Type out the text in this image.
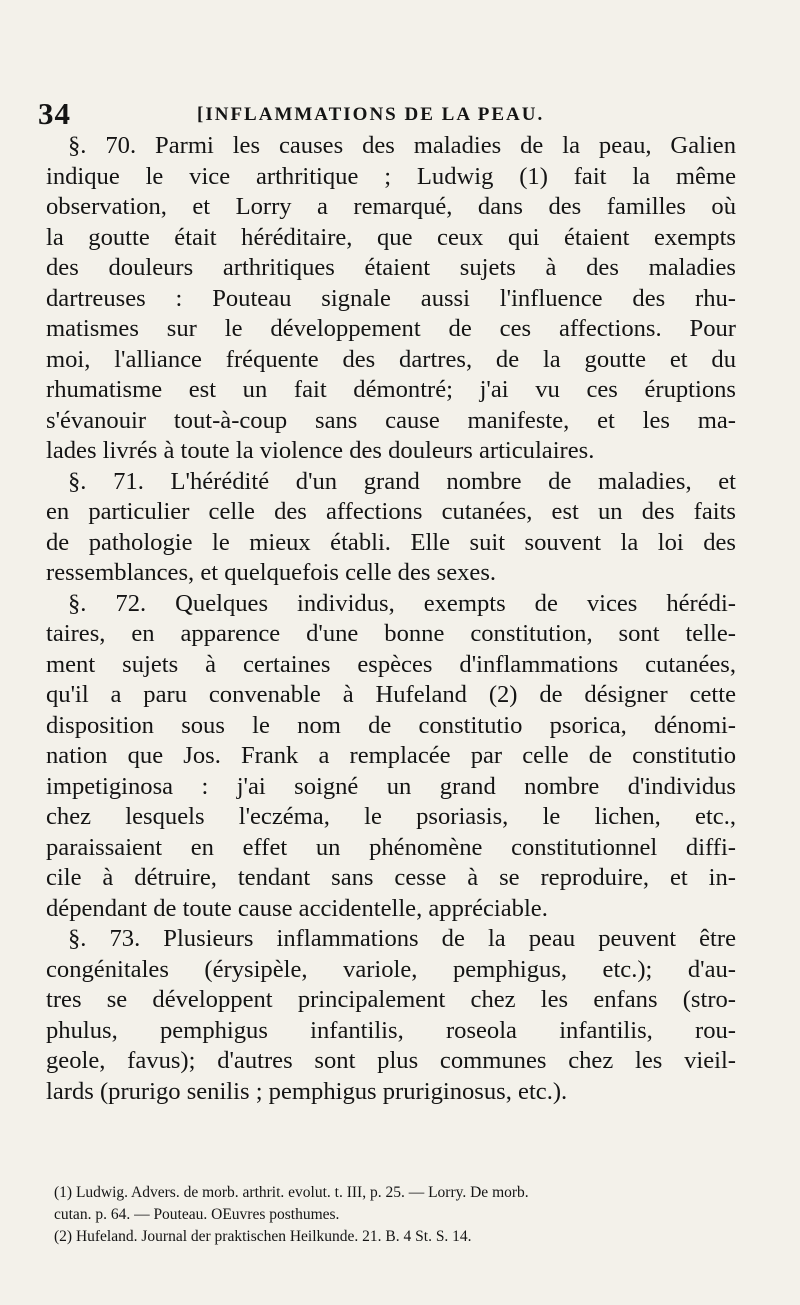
34	[INFLAMMATIONS DE LA PEAU.
§. 70. Parmi les causes des maladies de la peau, Galien
indique le vice arthritique ; Ludwig (1) fait la même
observation, et Lorry a remarqué, dans des familles où
la goutte était héréditaire, que ceux qui étaient exempts
des douleurs arthritiques étaient sujets à des maladies
dartreuses : Pouteau signale aussi l'influence des rhu-
matismes sur le développement de ces affections. Pour
moi, l'alliance fréquente des dartres, de la goutte et du
rhumatisme est un fait démontré; j'ai vu ces éruptions
s'évanouir tout-à-coup sans cause manifeste, et les ma-
lades livrés à toute la violence des douleurs articulaires.
§. 71. L'hérédité d'un grand nombre de maladies, et
en particulier celle des affections cutanées, est un des faits
de pathologie le mieux établi. Elle suit souvent la loi des
ressemblances, et quelquefois celle des sexes.
§. 72. Quelques individus, exempts de vices hérédi-
taires, en apparence d'une bonne constitution, sont telle-
ment sujets à certaines espèces d'inflammations cutanées,
qu'il a paru convenable à Hufeland (2) de désigner cette
disposition sous le nom de constitutio psorica, dénomi-
nation que Jos. Frank a remplacée par celle de constitutio
impetiginosa : j'ai soigné un grand nombre d'individus
chez lesquels l'eczéma, le psoriasis, le lichen, etc.,
paraissaient en effet un phénomène constitutionnel diffi-
cile à détruire, tendant sans cesse à se reproduire, et in-
dépendant de toute cause accidentelle, appréciable.
§. 73. Plusieurs inflammations de la peau peuvent être
congénitales (érysipèle, variole, pemphigus, etc.); d'au-
tres se développent principalement chez les enfans (stro-
phulus, pemphigus infantilis, roseola infantilis, rou-
geole, favus); d'autres sont plus communes chez les vieil-
lards (prurigo senilis ; pemphigus pruriginosus, etc.).
(1) Ludwig. Advers. de morb. arthrit. evolut. t. III, p. 25. — Lorry. De morb.
cutan. p. 64. — Pouteau. OEuvres posthumes.
(2) Hufeland. Journal der praktischen Heilkunde. 21. B. 4 St. S. 14.
